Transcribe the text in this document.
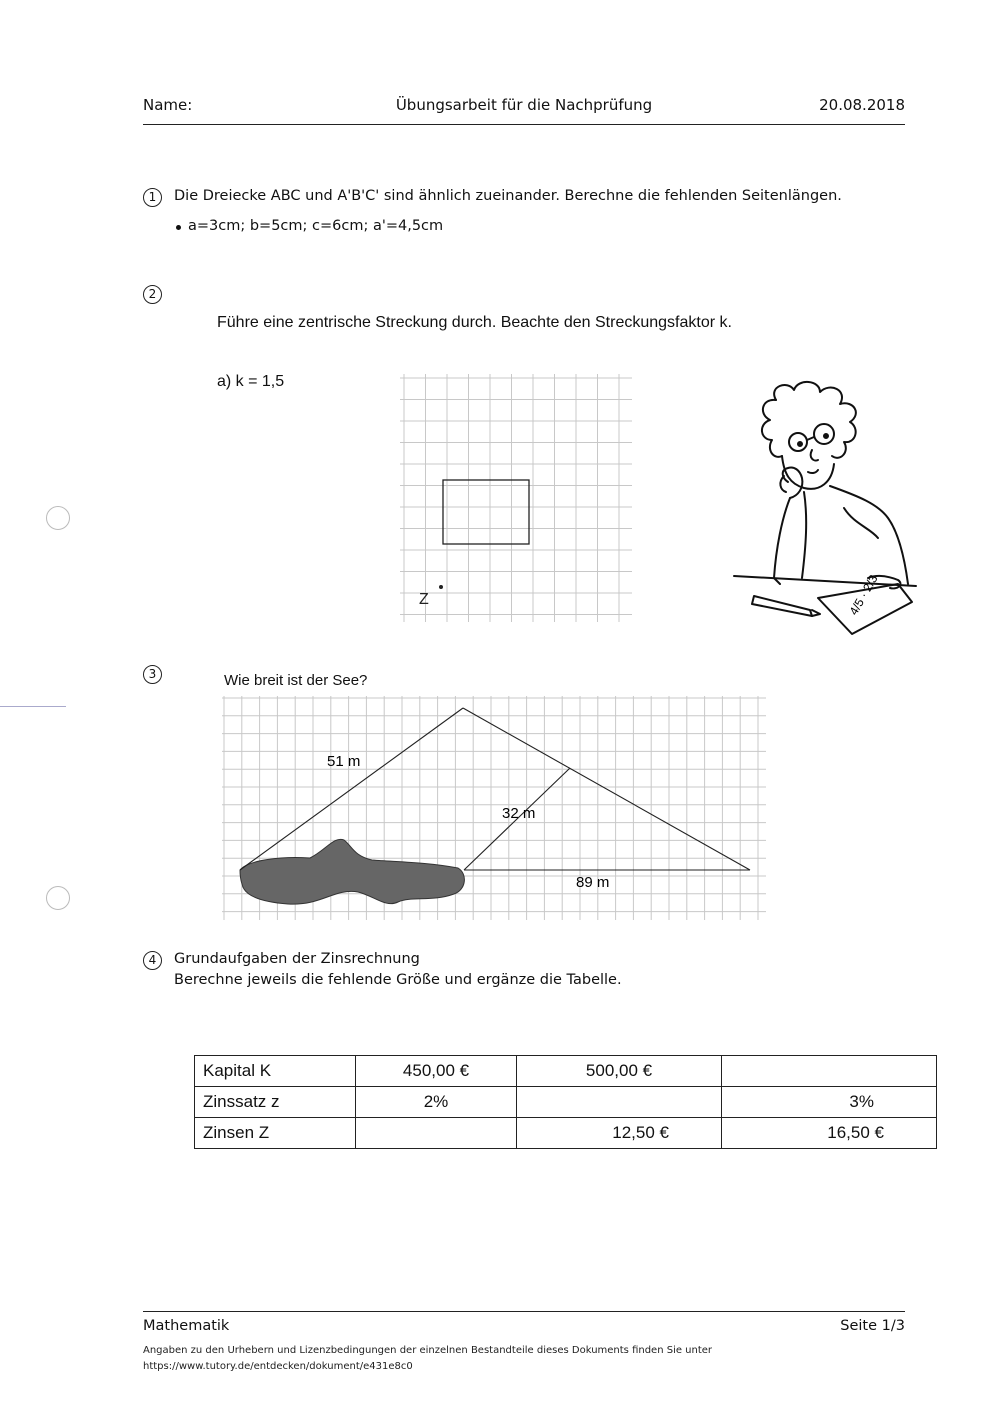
Name:	Übungsarbeit für die Nachprüfung	20.08.2018
1	Die Dreiecke ABC und A'B'C' sind ähnlich zueinander. Berechne die fehlenden Seitenlängen.
a=3cm; b=5cm; c=6cm; a'=4,5cm
2
Führe eine zentrische Streckung durch. Beachte den Streckungsfaktor k.
a) k = 1,5
Z	4/5 · 2/3
3	Wie breit ist der See?
51 m
32 m
89 m
4	Grundaufgaben der Zinsrechnung
Berechne jeweils die fehlende Größe und ergänze die Tabelle.
Kapital K	450,00 €	500,00 €	
Zinssatz z	2%		3%
Zinsen Z		12,50 €	16,50 €
Mathematik	Seite 1/3
Angaben zu den Urhebern und Lizenzbedingungen der einzelnen Bestandteile dieses Dokuments finden Sie unter
https://www.tutory.de/entdecken/dokument/e431e8c0
